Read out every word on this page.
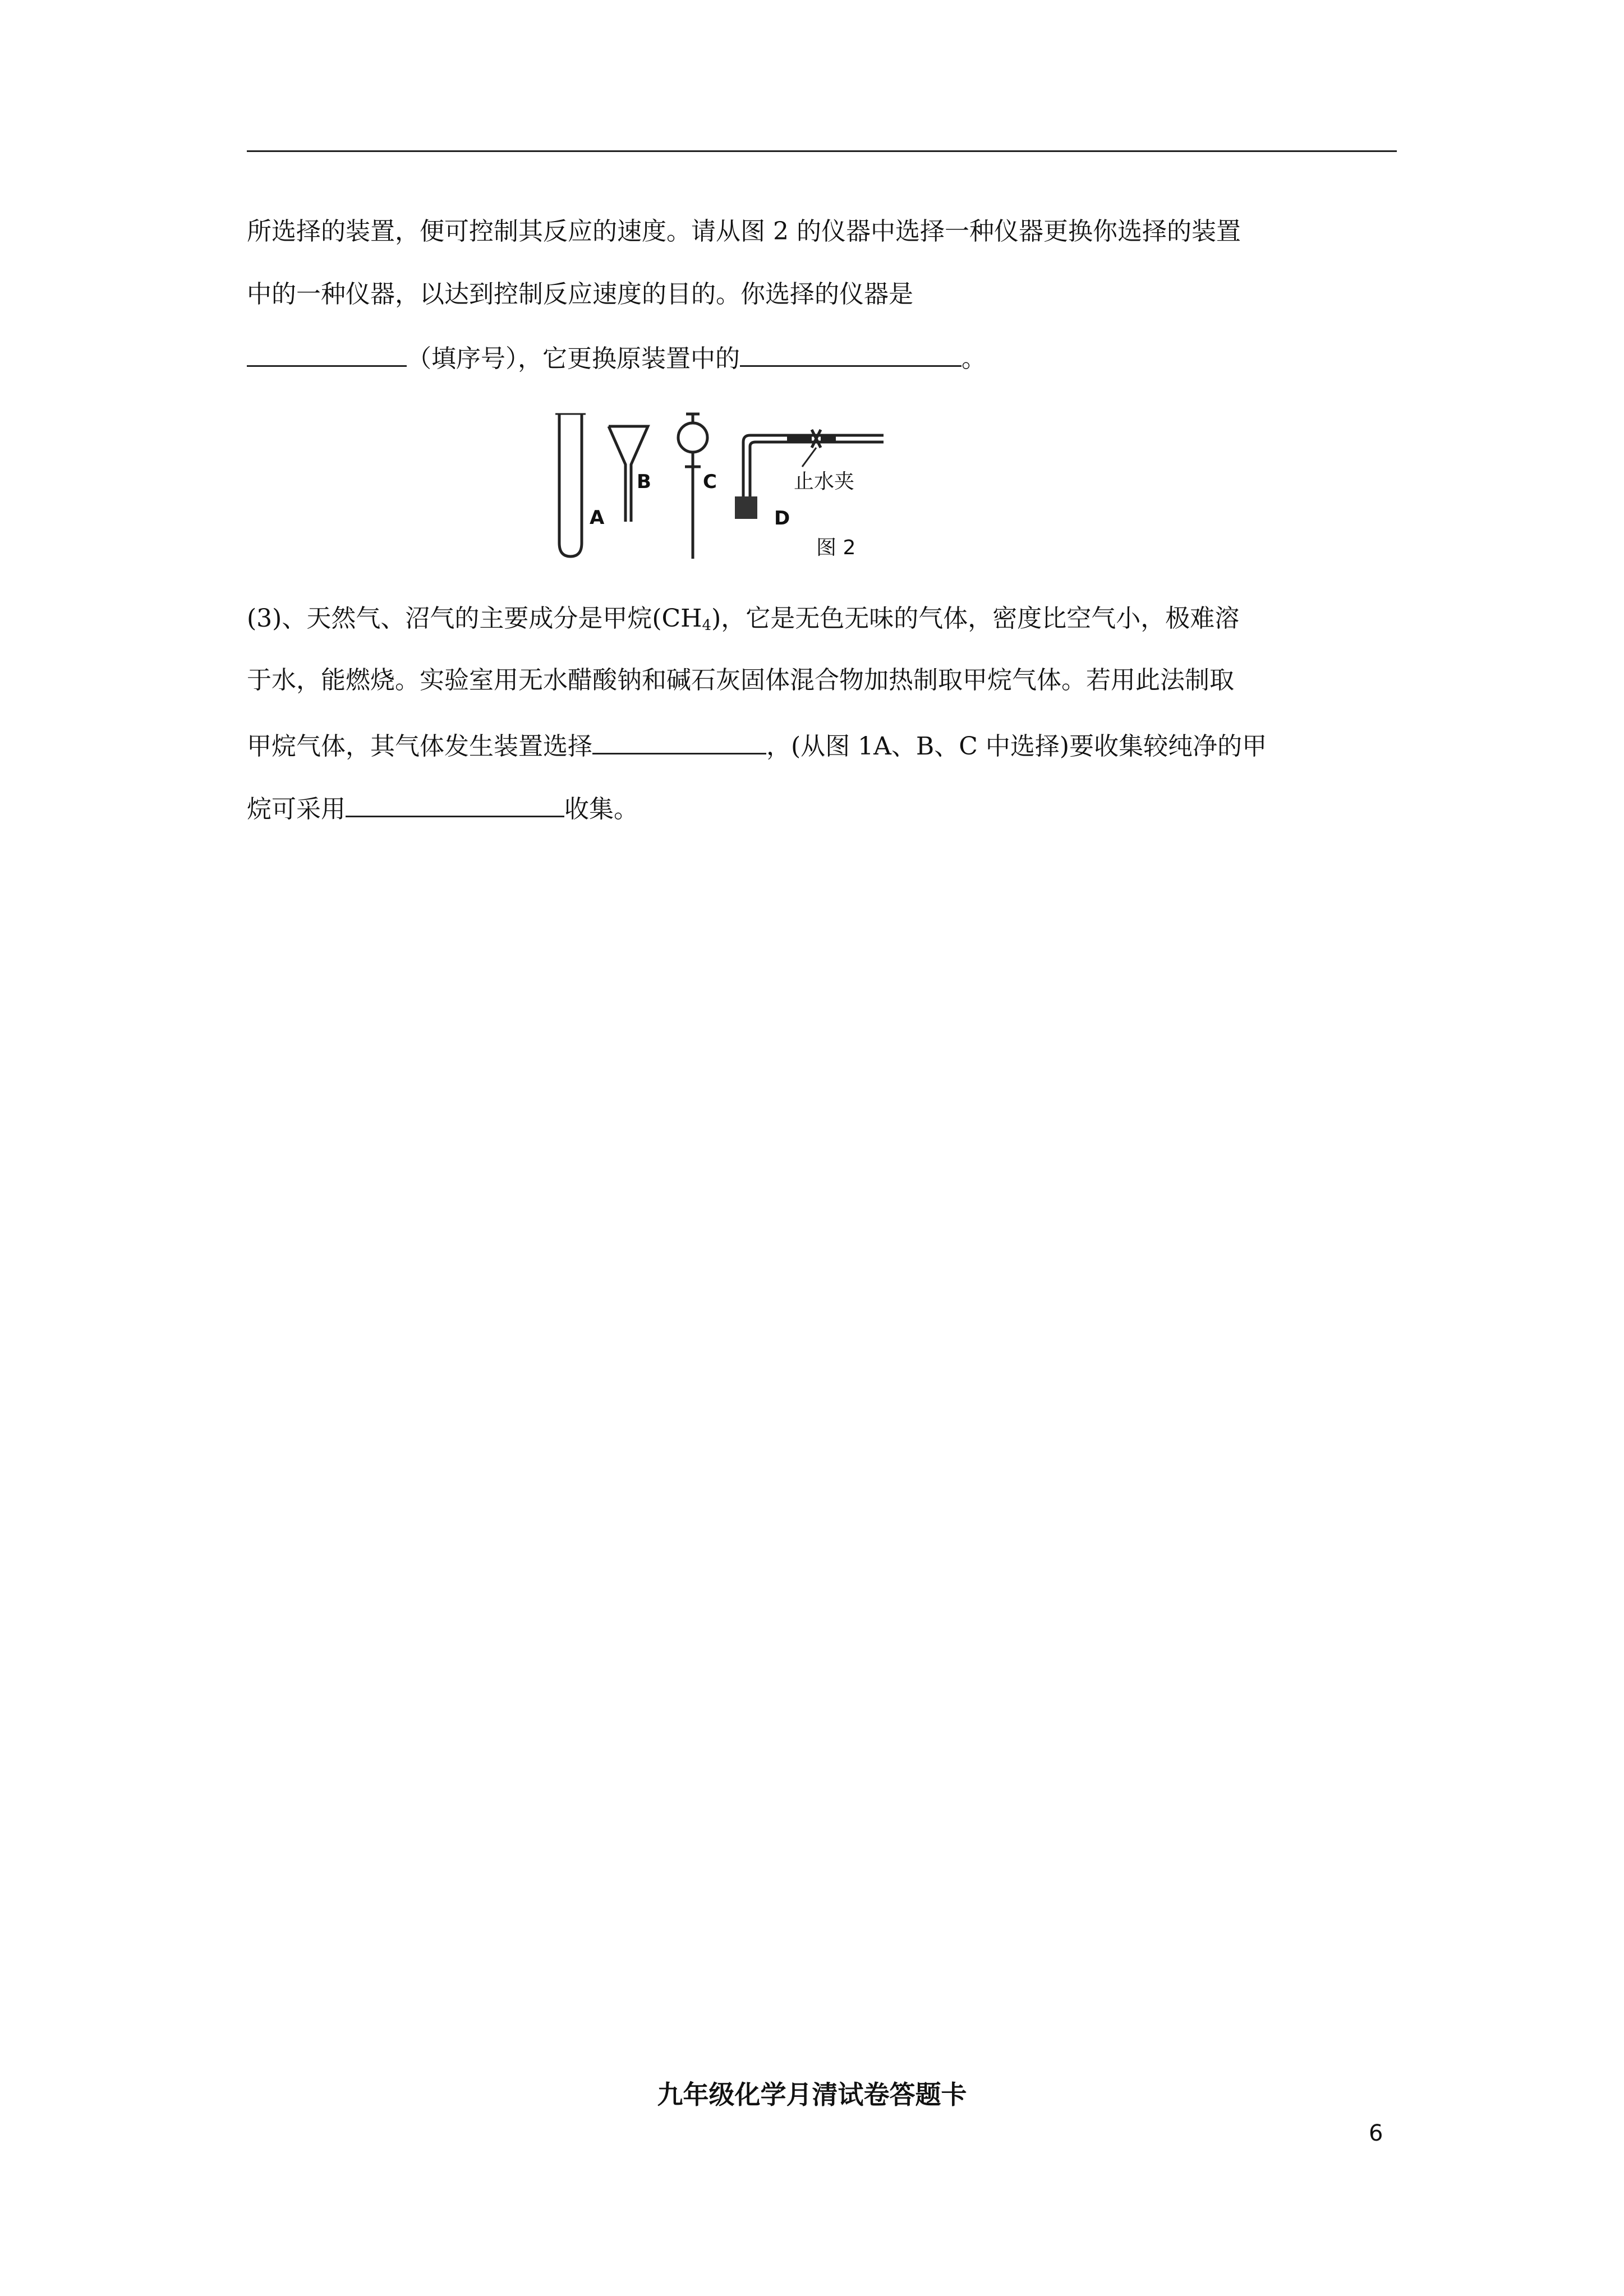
所选择的装置，便可控制其反应的速度。请从图 2 的仪器中选择一种仪器更换你选择的装置
中的一种仪器，以达到控制反应速度的目的。你选择的仪器是
（填序号），它更换原装置中的	。
A
B	C
D
止水夹
图 2
(3)、天然气、沼气的主要成分是甲烷$(CH_4)$，它是无色无味的气体，密度比空气小，极难溶
于水，能燃烧。实验室用无水醋酸钠和碱石灰固体混合物加热制取甲烷气体。若用此法制取
甲烷气体，其气体发生装置选择	，(从图 1A、B、C 中选择)要收集较纯净的甲
烷可采用	收集。
九年级化学月清试卷答题卡
6
